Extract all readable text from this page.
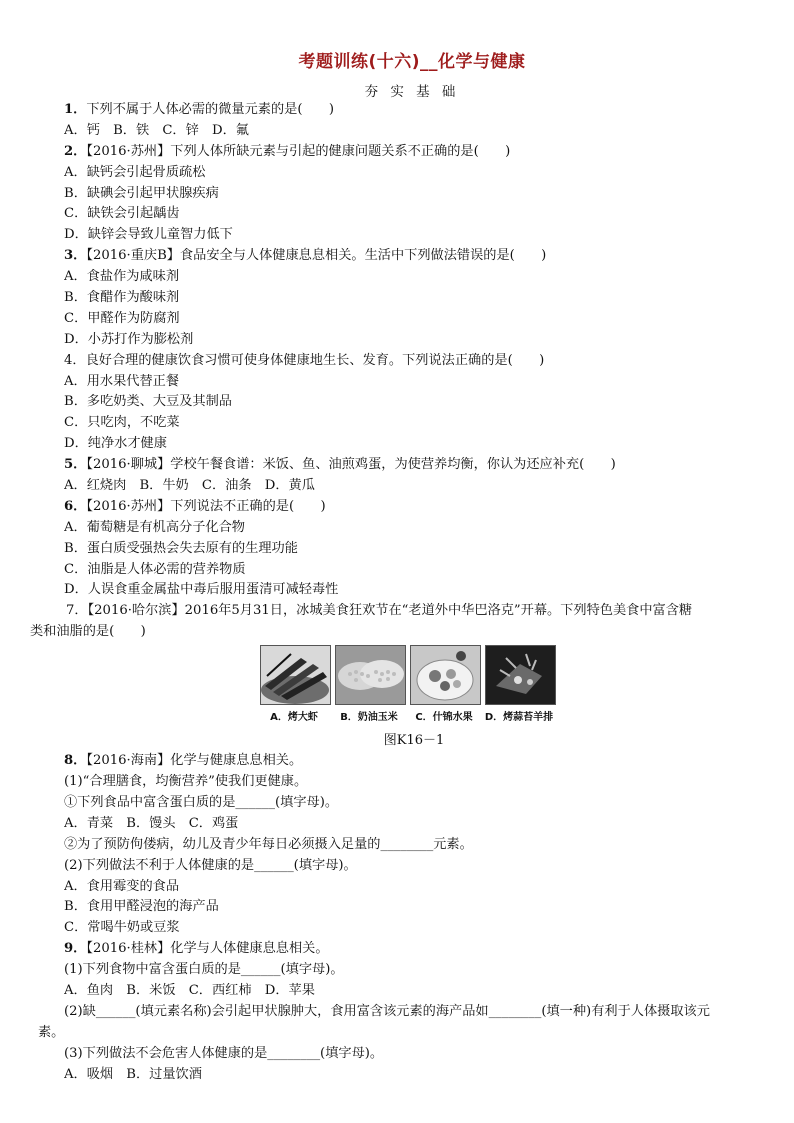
考题训练(十六)__化学与健康
夯 实 基 础
1．下列不属于人体必需的微量元素的是(　　)
A．钙　B．铁　C．锌　D．氟
2．【2016·苏州】下列人体所缺元素与引起的健康问题关系不正确的是(　　)
A．缺钙会引起骨质疏松
B．缺碘会引起甲状腺疾病
C．缺铁会引起龋齿
D．缺锌会导致儿童智力低下
3．【2016·重庆B】食品安全与人体健康息息相关。生活中下列做法错误的是(　　)
A．食盐作为咸味剂
B．食醋作为酸味剂
C．甲醛作为防腐剂
D．小苏打作为膨松剂
4．良好合理的健康饮食习惯可使身体健康地生长、发育。下列说法正确的是(　　)
A．用水果代替正餐
B．多吃奶类、大豆及其制品
C．只吃肉，不吃菜
D．纯净水才健康
5．【2016·聊城】学校午餐食谱：米饭、鱼、油煎鸡蛋，为使营养均衡，你认为还应补充(　　)
A．红烧肉　B．牛奶　C．油条　D．黄瓜
6．【2016·苏州】下列说法不正确的是(　　)
A．葡萄糖是有机高分子化合物
B．蛋白质受强热会失去原有的生理功能
C．油脂是人体必需的营养物质
D．人误食重金属盐中毒后服用蛋清可减轻毒性
7．【2016·哈尔滨】2016年5月31日，冰城美食狂欢节在“老道外中华巴洛克”开幕。下列特色美食中富含糖
类和油脂的是(　　)
A．烤大虾	B．奶油玉米	C．什锦水果	D．烤蒜苔羊排
图K16－1
8．【2016·海南】化学与健康息息相关。
(1)“合理膳食，均衡营养”使我们更健康。
①下列食品中富含蛋白质的是______(填字母)。
A．青菜　B．馒头　C．鸡蛋
②为了预防佝偻病，幼儿及青少年每日必须摄入足量的________元素。
(2)下列做法不利于人体健康的是______(填字母)。
A．食用霉变的食品
B．食用甲醛浸泡的海产品
C．常喝牛奶或豆浆
9．【2016·桂林】化学与人体健康息息相关。
(1)下列食物中富含蛋白质的是______(填字母)。
A．鱼肉　B．米饭　C．西红柿　D．苹果
(2)缺______(填元素名称)会引起甲状腺肿大，食用富含该元素的海产品如________(填一种)有利于人体摄取该元
素。
(3)下列做法不会危害人体健康的是________(填字母)。
A．吸烟　B．过量饮酒
